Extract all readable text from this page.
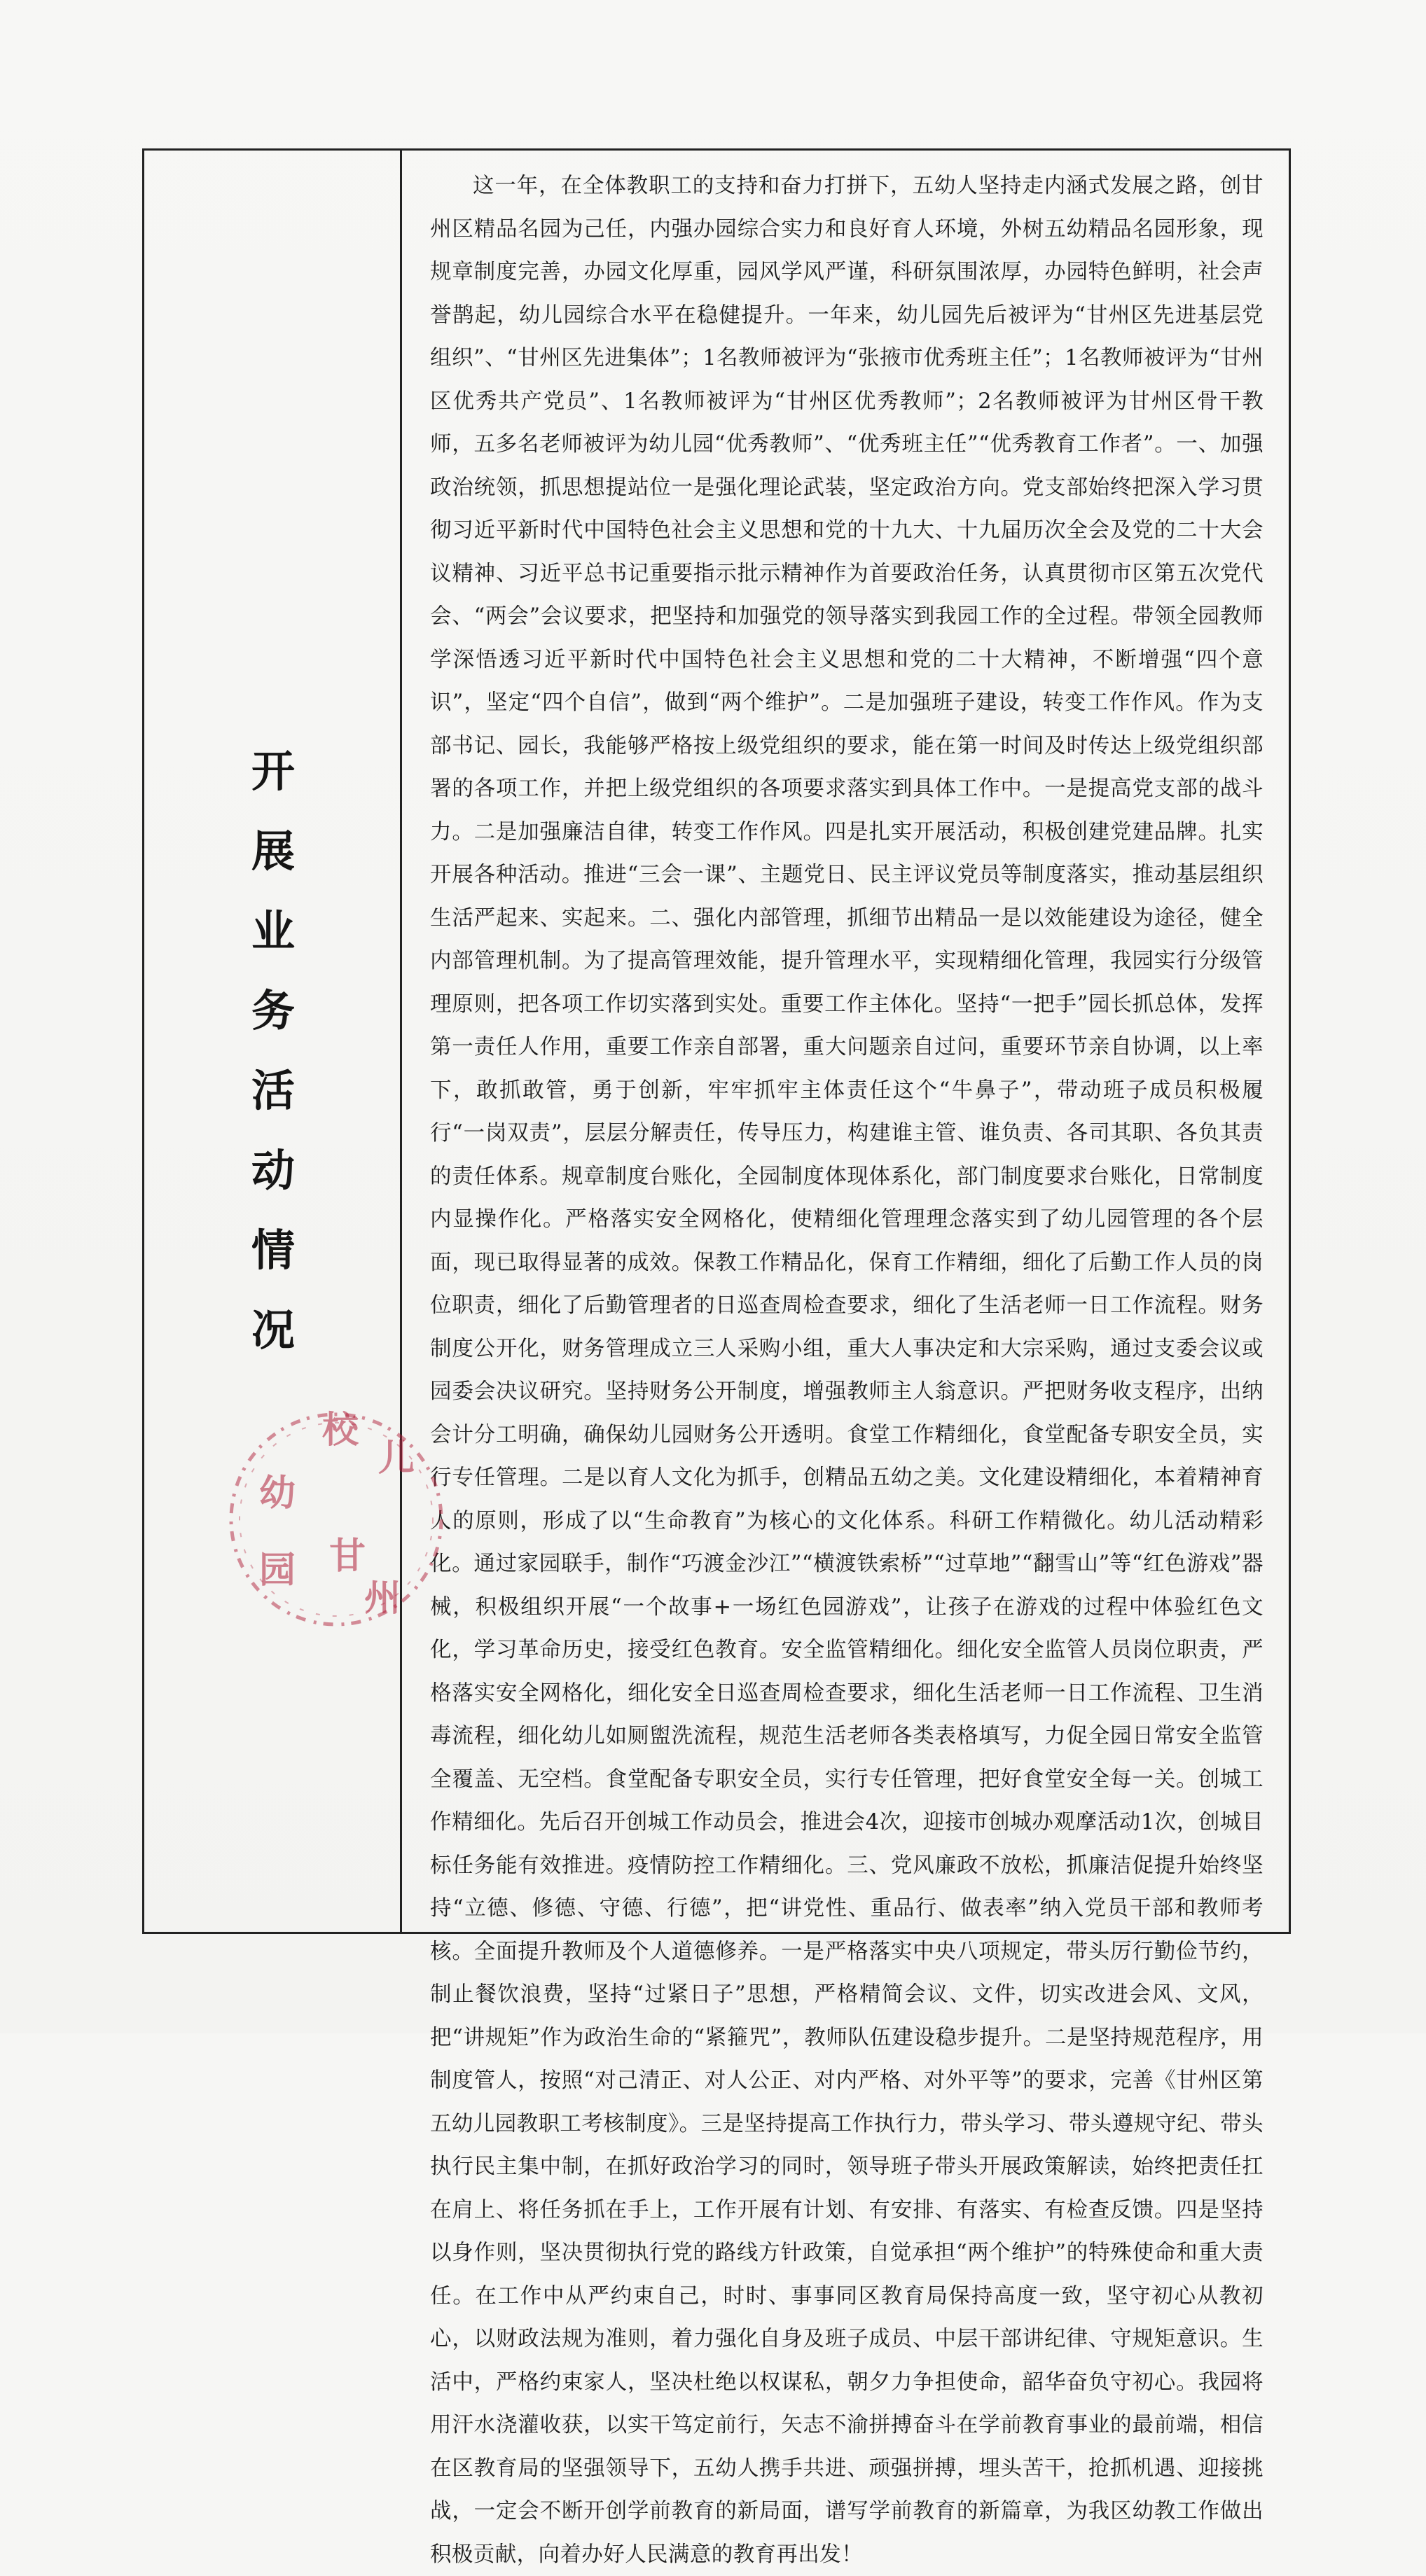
开
展
业
务
活
动
情
况

这一年，在全体教职工的支持和奋力打拼下，五幼人坚持走内涵式发展之路，创甘州区精品名园为己任，内强办园综合实力和良好育人环境，外树五幼精品名园形象，现规章制度完善，办园文化厚重，园风学风严谨，科研氛围浓厚，办园特色鲜明，社会声誉鹊起，幼儿园综合水平在稳健提升。一年来，幼儿园先后被评为“甘州区先进基层党组织”、“甘州区先进集体”；1名教师被评为“张掖市优秀班主任”；1名教师被评为“甘州区优秀共产党员”、1名教师被评为“甘州区优秀教师”；2名教师被评为甘州区骨干教师，五多名老师被评为幼儿园“优秀教师”、“优秀班主任”“优秀教育工作者”。一、加强政治统领，抓思想提站位一是强化理论武装，坚定政治方向。党支部始终把深入学习贯彻习近平新时代中国特色社会主义思想和党的十九大、十九届历次全会及党的二十大会议精神、习近平总书记重要指示批示精神作为首要政治任务，认真贯彻市区第五次党代会、“两会”会议要求，把坚持和加强党的领导落实到我园工作的全过程。带领全园教师学深悟透习近平新时代中国特色社会主义思想和党的二十大精神，不断增强“四个意识”，坚定“四个自信”，做到“两个维护”。二是加强班子建设，转变工作作风。作为支部书记、园长，我能够严格按上级党组织的要求，能在第一时间及时传达上级党组织部署的各项工作，并把上级党组织的各项要求落实到具体工作中。一是提高党支部的战斗力。二是加强廉洁自律，转变工作作风。四是扎实开展活动，积极创建党建品牌。扎实开展各种活动。推进“三会一课”、主题党日、民主评议党员等制度落实，推动基层组织生活严起来、实起来。二、强化内部管理，抓细节出精品一是以效能建设为途径，健全内部管理机制。为了提高管理效能，提升管理水平，实现精细化管理，我园实行分级管理原则，把各项工作切实落到实处。重要工作主体化。坚持“一把手”园长抓总体，发挥第一责任人作用，重要工作亲自部署，重大问题亲自过问，重要环节亲自协调，以上率下，敢抓敢管，勇于创新，牢牢抓牢主体责任这个“牛鼻子”，带动班子成员积极履行“一岗双责”，层层分解责任，传导压力，构建谁主管、谁负责、各司其职、各负其责的责任体系。规章制度台账化，全园制度体现体系化，部门制度要求台账化，日常制度内显操作化。严格落实安全网格化，使精细化管理理念落实到了幼儿园管理的各个层面，现已取得显著的成效。保教工作精品化，保育工作精细，细化了后勤工作人员的岗位职责，细化了后勤管理者的日巡查周检查要求，细化了生活老师一日工作流程。财务制度公开化，财务管理成立三人采购小组，重大人事决定和大宗采购，通过支委会议或园委会决议研究。坚持财务公开制度，增强教师主人翁意识。严把财务收支程序，出纳会计分工明确，确保幼儿园财务公开透明。食堂工作精细化，食堂配备专职安全员，实行专任管理。二是以育人文化为抓手，创精品五幼之美。文化建设精细化，本着精神育人的原则，形成了以“生命教育”为核心的文化体系。科研工作精微化。幼儿活动精彩化。通过家园联手，制作“巧渡金沙江”“横渡铁索桥”“过草地”“翻雪山”等“红色游戏”器械，积极组织开展“一个故事+一场红色园游戏”，让孩子在游戏的过程中体验红色文化，学习革命历史，接受红色教育。安全监管精细化。细化安全监管人员岗位职责，严格落实安全网格化，细化安全日巡查周检查要求，细化生活老师一日工作流程、卫生消毒流程，细化幼儿如厕盥洗流程，规范生活老师各类表格填写，力促全园日常安全监管全覆盖、无空档。食堂配备专职安全员，实行专任管理，把好食堂安全每一关。创城工作精细化。先后召开创城工作动员会，推进会4次，迎接市创城办观摩活动1次，创城目标任务能有效推进。疫情防控工作精细化。三、党风廉政不放松，抓廉洁促提升始终坚持“立德、修德、守德、行德”，把“讲党性、重品行、做表率”纳入党员干部和教师考核。全面提升教师及个人道德修养。一是严格落实中央八项规定，带头厉行勤俭节约，制止餐饮浪费，坚持“过紧日子”思想，严格精简会议、文件，切实改进会风、文风，把“讲规矩”作为政治生命的“紧箍咒”，教师队伍建设稳步提升。二是坚持规范程序，用制度管人，按照“对己清正、对人公正、对内严格、对外平等”的要求，完善《甘州区第五幼儿园教职工考核制度》。三是坚持提高工作执行力，带头学习、带头遵规守纪、带头执行民主集中制，在抓好政治学习的同时，领导班子带头开展政策解读，始终把责任扛在肩上、将任务抓在手上，工作开展有计划、有安排、有落实、有检查反馈。四是坚持以身作则，坚决贯彻执行党的路线方针政策，自觉承担“两个维护”的特殊使命和重大责任。在工作中从严约束自己，时时、事事同区教育局保持高度一致，坚守初心从教初心，以财政法规为准则，着力强化自身及班子成员、中层干部讲纪律、守规矩意识。生活中，严格约束家人，坚决杜绝以权谋私，朝夕力争担使命，韶华奋负守初心。我园将用汗水浇灌收获，以实干笃定前行，矢志不渝拼搏奋斗在学前教育事业的最前端，相信在区教育局的坚强领导下，五幼人携手共进、顽强拼搏，埋头苦干，抢抓机遇、迎接挑战，一定会不断开创学前教育的新局面，谱写学前教育的新篇章，为我区幼教工作做出积极贡献，向着办好人民满意的教育再出发！

校
幼
儿
园 甘
州
